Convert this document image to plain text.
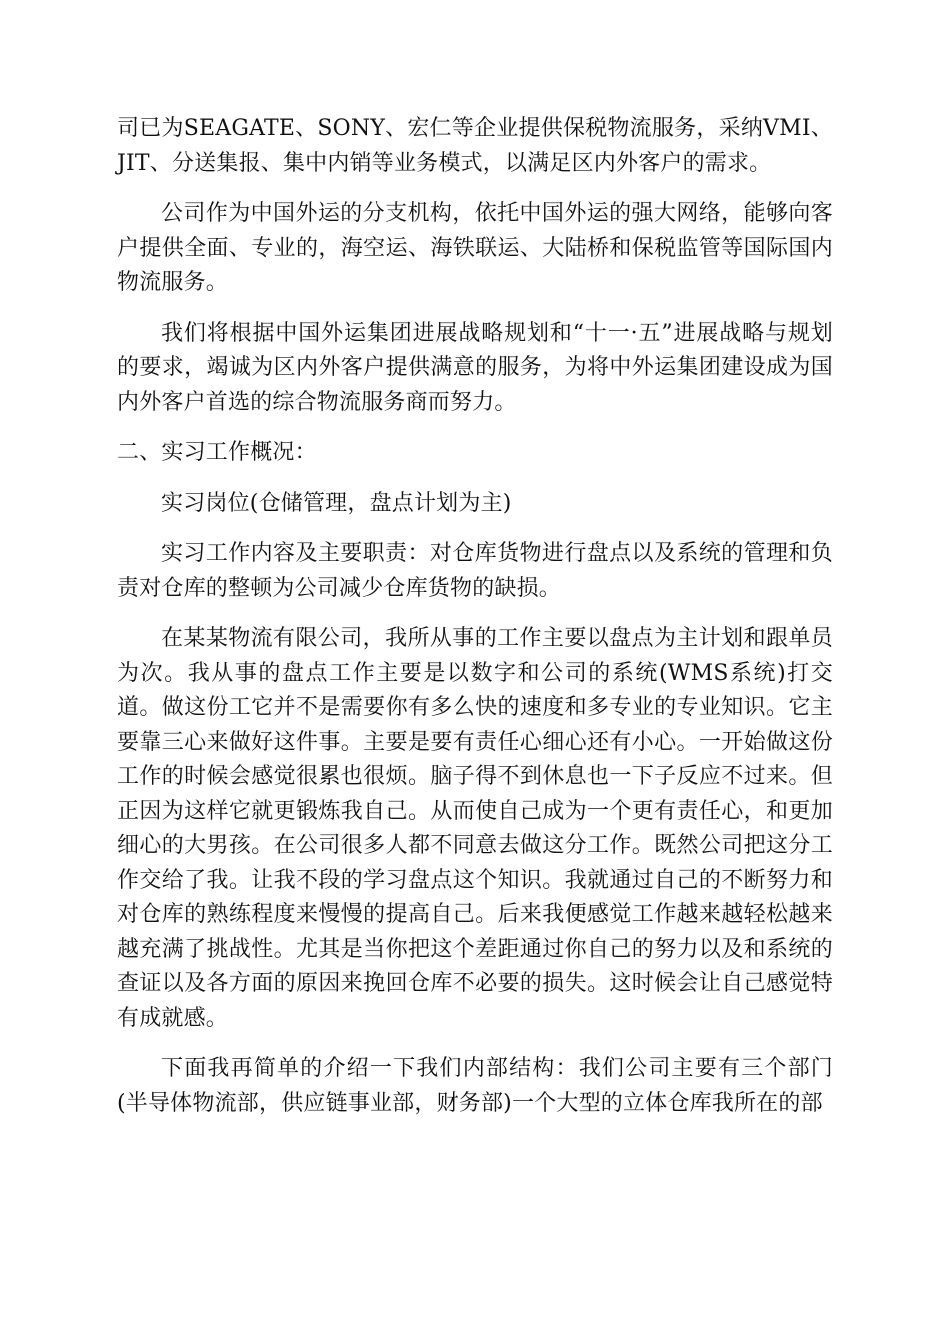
司已为SEAGATE、SONY、宏仁等企业提供保税物流服务，采纳VMI、JIT、分送集报、集中内销等业务模式，以满足区内外客户的需求。

公司作为中国外运的分支机构，依托中国外运的强大网络，能够向客户提供全面、专业的，海空运、海铁联运、大陆桥和保税监管等国际国内物流服务。

我们将根据中国外运集团进展战略规划和“十一·五”进展战略与规划的要求，竭诚为区内外客户提供满意的服务，为将中外运集团建设成为国内外客户首选的综合物流服务商而努力。

二、实习工作概况：

实习岗位(仓储管理，盘点计划为主)

实习工作内容及主要职责：对仓库货物进行盘点以及系统的管理和负责对仓库的整顿为公司减少仓库货物的缺损。

在某某物流有限公司，我所从事的工作主要以盘点为主计划和跟单员为次。我从事的盘点工作主要是以数字和公司的系统(WMS系统)打交道。做这份工它并不是需要你有多么快的速度和多专业的专业知识。它主要靠三心来做好这件事。主要是要有责任心细心还有小心。一开始做这份工作的时候会感觉很累也很烦。脑子得不到休息也一下子反应不过来。但正因为这样它就更锻炼我自己。从而使自己成为一个更有责任心，和更加细心的大男孩。在公司很多人都不同意去做这分工作。既然公司把这分工作交给了我。让我不段的学习盘点这个知识。我就通过自己的不断努力和对仓库的熟练程度来慢慢的提高自己。后来我便感觉工作越来越轻松越来越充满了挑战性。尤其是当你把这个差距通过你自己的努力以及和系统的查证以及各方面的原因来挽回仓库不必要的损失。这时候会让自己感觉特有成就感。

下面我再简单的介绍一下我们内部结构：我们公司主要有三个部门(半导体物流部，供应链事业部，财务部)一个大型的立体仓库我所在的部
